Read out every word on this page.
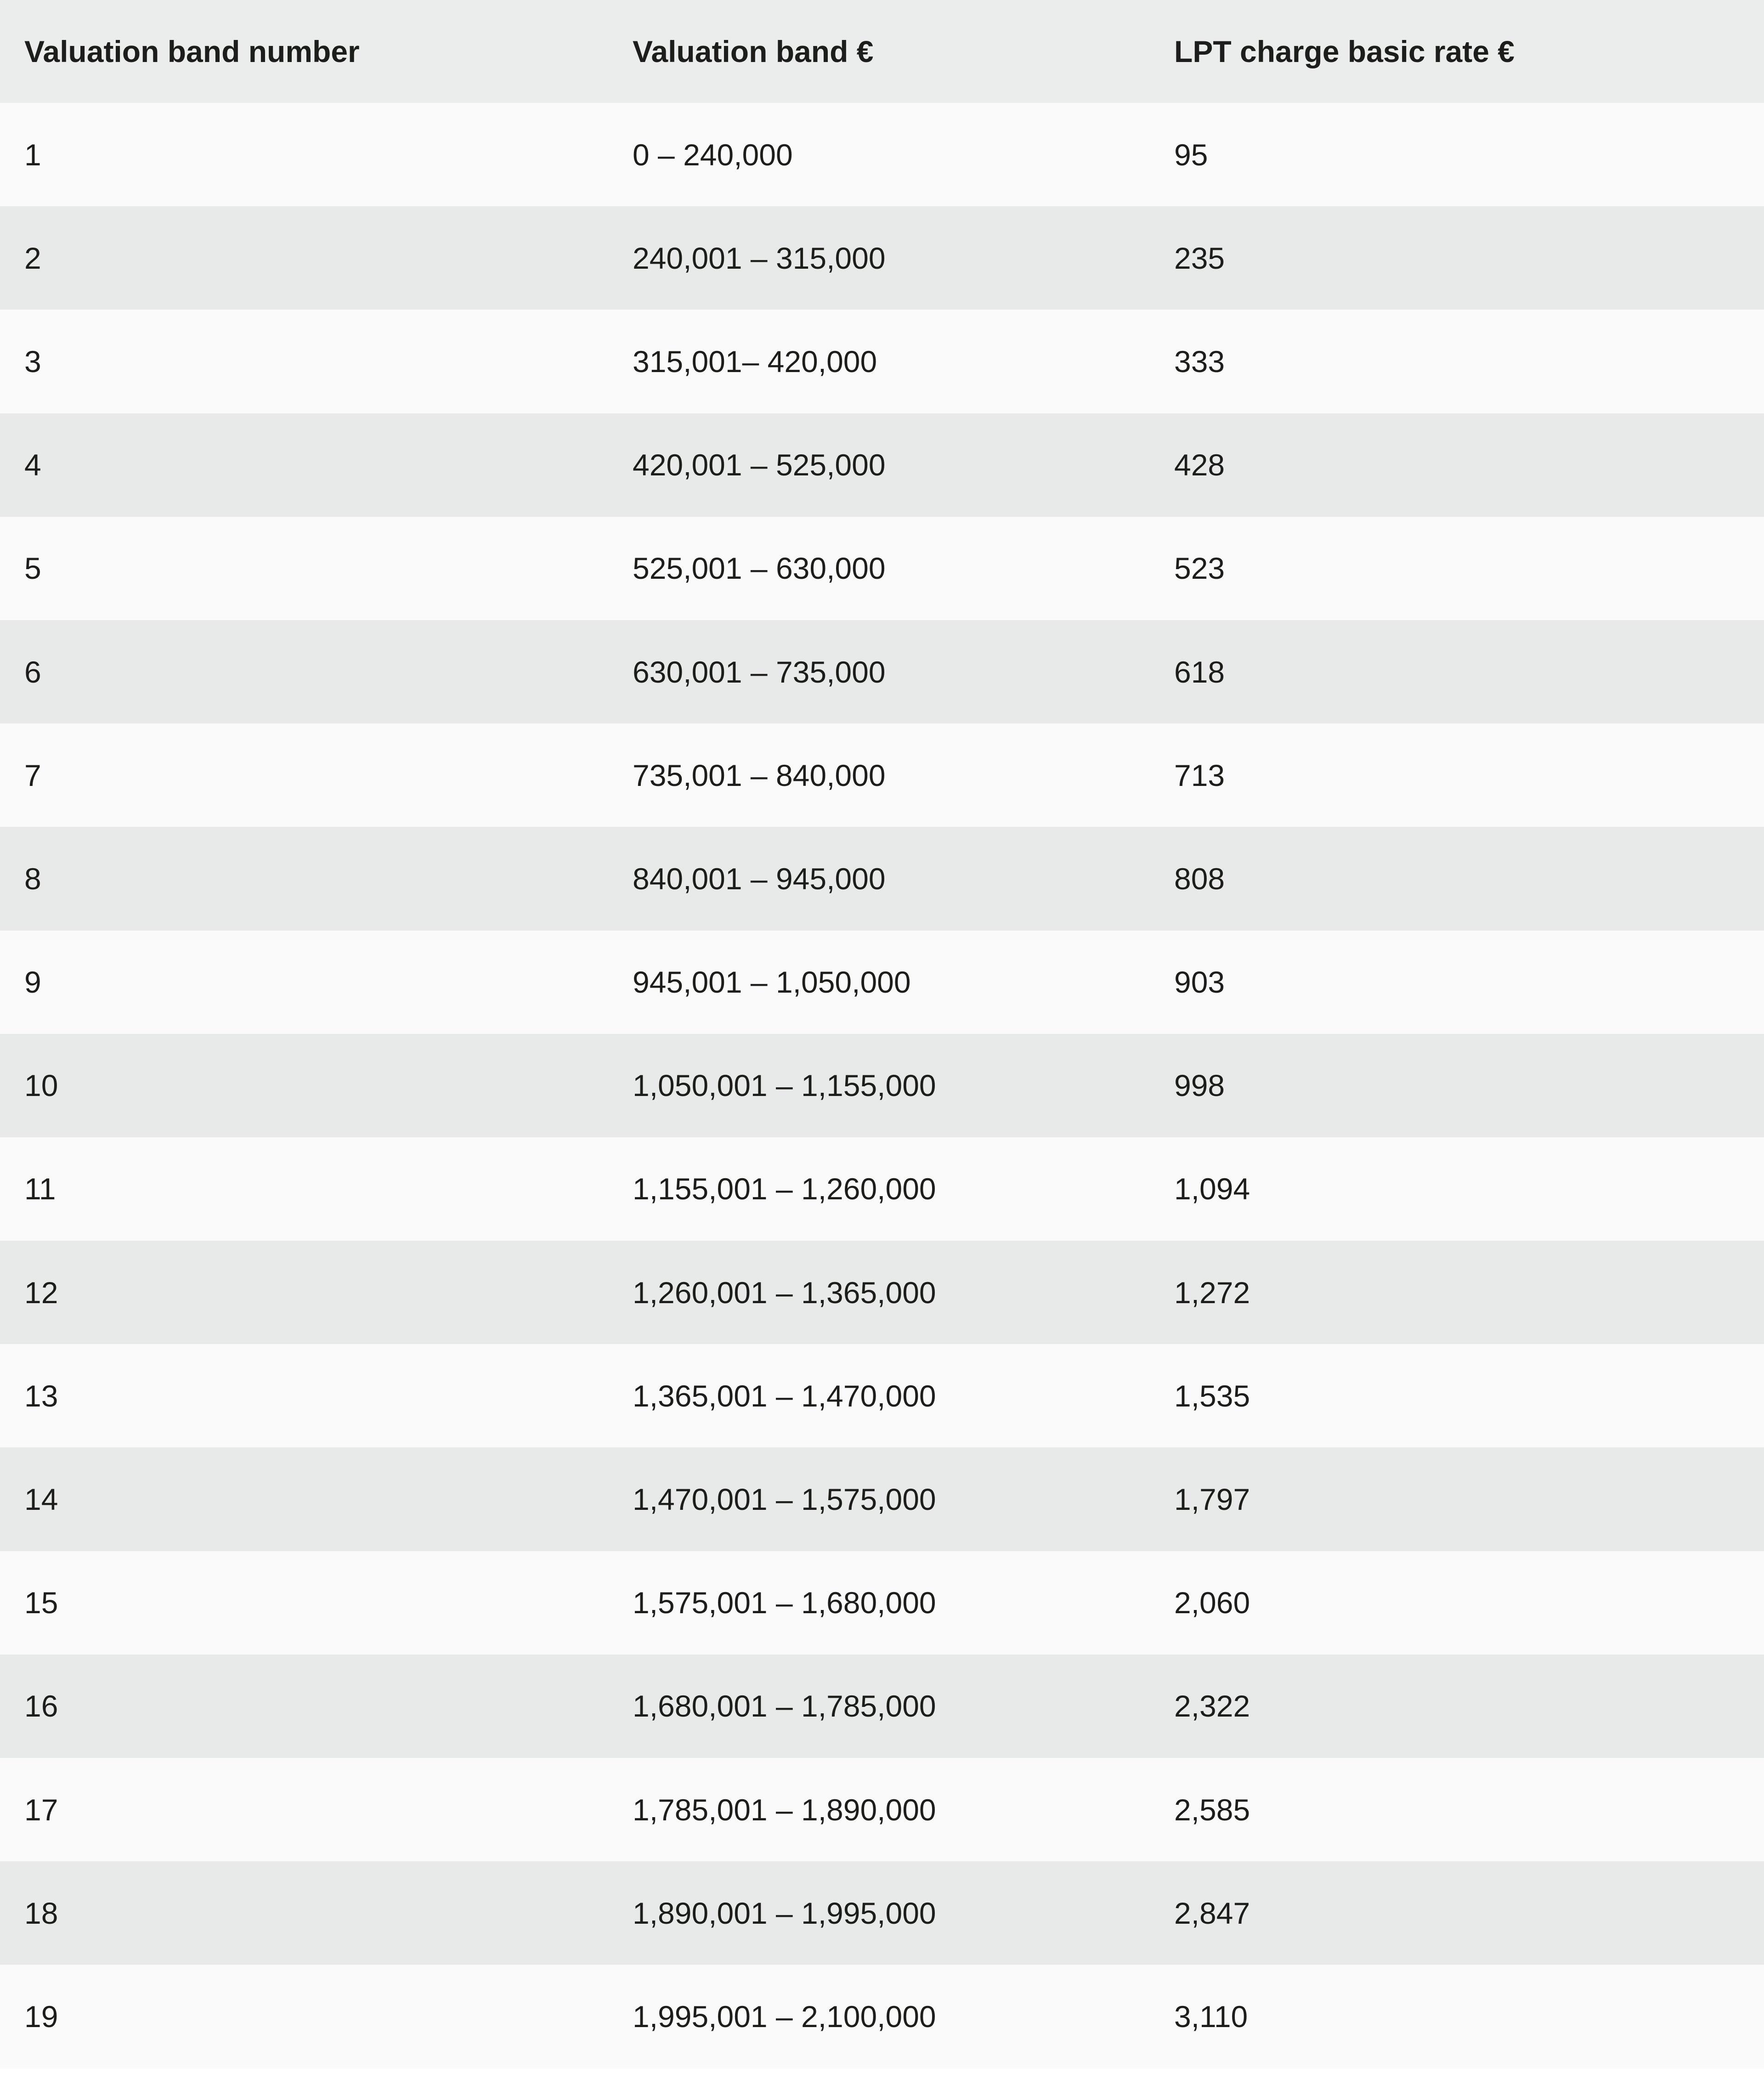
Valuation band number	Valuation band €	LPT charge basic rate €
1	0 – 240,000	95
2	240,001 – 315,000	235
3	315,001– 420,000	333
4	420,001 – 525,000	428
5	525,001 – 630,000	523
6	630,001 – 735,000	618
7	735,001 – 840,000	713
8	840,001 – 945,000	808
9	945,001 – 1,050,000	903
10	1,050,001 – 1,155,000	998
11	1,155,001 – 1,260,000	1,094
12	1,260,001 – 1,365,000	1,272
13	1,365,001 – 1,470,000	1,535
14	1,470,001 – 1,575,000	1,797
15	1,575,001 – 1,680,000	2,060
16	1,680,001 – 1,785,000	2,322
17	1,785,001 – 1,890,000	2,585
18	1,890,001 – 1,995,000	2,847
19	1,995,001 – 2,100,000	3,110
